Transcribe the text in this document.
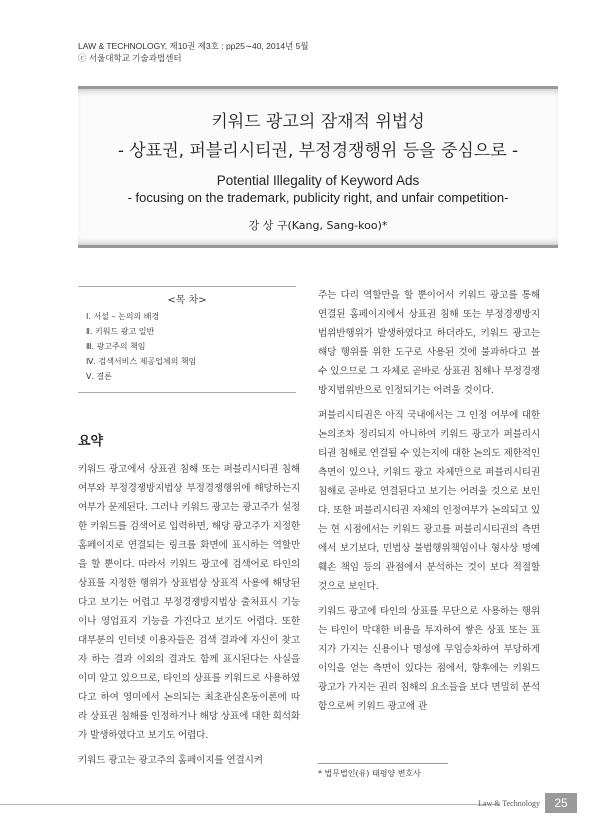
LAW & TECHNOLOGY, 제10권 제3호 : pp25∼40, 2014년 5월
ⓒ 서울대학교 기술과법센터
키워드 광고의 잠재적 위법성
- 상표권, 퍼블리시티권, 부정경쟁행위 등을 중심으로 -
Potential Illegality of Keyword Ads
- focusing on the trademark, publicity right, and unfair competition-
강 상 구(Kang, Sang-koo)*
<목 차>
Ⅰ. 서설 – 논의의 배경
Ⅱ. 키워드 광고 일반
Ⅲ. 광고주의 책임
Ⅳ. 검색서비스 제공업체의 책임
Ⅴ. 결론
요약

키워드 광고에서 상표권 침해 또는 퍼블리시티권 침해 여부와 부정경쟁방지법상 부정경쟁행위에 해당하는지 여부가 문제된다. 그러나 키워드 광고는 광고주가 설정한 키워드를 검색어로 입력하면, 해당 광고주가 지정한 홈페이지로 연결되는 링크를 화면에 표시하는 역할만을 할 뿐이다. 따라서 키워드 광고에 검색어로 타인의 상표를 지정한 행위가 상표법상 상표적 사용에 해당된다고 보기는 어렵고 부정경쟁방지법상 출처표시 기능이나 영업표지 기능을 가진다고 보기도 어렵다. 또한 대부분의 인터넷 이용자들은 검색 결과에 자신이 찾고자 하는 결과 이외의 결과도 함께 표시된다는 사실을 이미 알고 있으므로, 타인의 상표를 키워드로 사용하였다고 하여 영미에서 논의되는 최초관심혼동이론에 따라 상표권 침해를 인정하거나 해당 상표에 대한 희석화가 발생하였다고 보기도 어렵다.

키워드 광고는 광고주의 홈페이지를 연결시켜

주는 다리 역할만을 할 뿐이어서 키워드 광고를 통해 연결된 홈페이지에서 상표권 침해 또는 부정경쟁방지법위반행위가 발생하였다고 하더라도, 키워드 광고는 해당 행위를 위한 도구로 사용된 것에 불과하다고 볼 수 있으므로 그 자체로 곧바로 상표권 침해나 부정경쟁방지법위반으로 인정되기는 어려울 것이다.

퍼블리시티권은 아직 국내에서는 그 인정 여부에 대한 논의조차 정리되지 아니하여 키워드 광고가 퍼블리시티권 침해로 연결될 수 있는지에 대한 논의도 제한적인 측면이 있으나, 키워드 광고 자체만으로 퍼블리시티권 침해로 곧바로 연결된다고 보기는 어려울 것으로 보인다. 또한 퍼블리시티권 자체의 인정여부가 논의되고 있는 현 시점에서는 키워드 광고를 퍼블리시티권의 측면에서 보기보다, 민법상 불법행위책임이나 형사상 명예훼손 책임 등의 관점에서 분석하는 것이 보다 적절할 것으로 보인다.

키워드 광고에 타인의 상표를 무단으로 사용하는 행위는 타인이 막대한 비용을 투자하여 쌓은 상표 또는 표지가 가지는 신용이나 명성에 무임승차하여 부당하게 이익을 얻는 측면이 있다는 점에서, 향후에는 키워드 광고가 가지는 권리 침해의 요소들을 보다 면밀히 분석함으로써 키워드 광고에 관

* 법무법인(유) 태평양 변호사
Law & Technology	25
